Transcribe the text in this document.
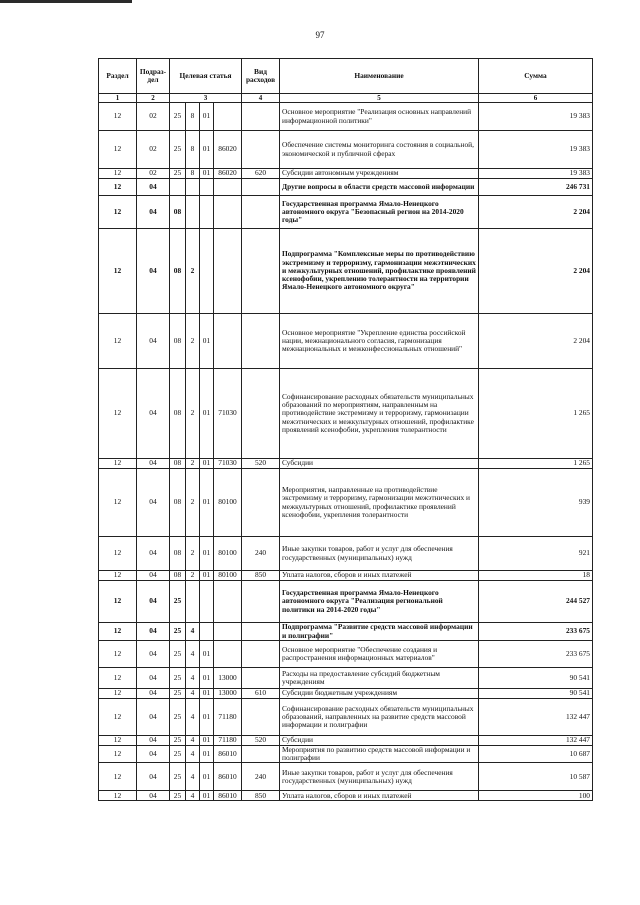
97
Раздел	Подраз-дел	Целевая статья				Вид расходов	Наименование	Сумма
1	2	3				4	5	6
12	02	25	8	01			Основное мероприятие "Реализация основных направлений информационной политики"	19 383
12	02	25	8	01	86020		Обеспечение системы мониторинга состояния в социальной, экономической и публичной сферах	19 383
12	02	25	8	01	86020	620	Субсидии автономным учреждениям	19 383
12	04						Другие вопросы в области средств массовой информации	246 731
12	04	08					Государственная программа Ямало-Ненецкого автономного округа "Безопасный регион на 2014-2020 годы"	2 204
12	04	08	2				Подпрограмма "Комплексные меры по противодействию экстремизму и терроризму, гармонизации межэтнических и межкультурных отношений, профилактике проявлений ксенофобии, укреплению толерантности на территории Ямало-Ненецкого автономного округа"	2 204
12	04	08	2	01			Основное мероприятие "Укрепление единства российской нации, межнационального согласия, гармонизация межнациональных и межконфессиональных отношений"	2 204
12	04	08	2	01	71030		Софинансирование расходных обязательств муниципальных образований по мероприятиям, направленным на противодействие экстремизму и терроризму, гармонизации межэтнических и межкультурных отношений, профилактике проявлений ксенофобии, укрепления толерантности	1 265
12	04	08	2	01	71030	520	Субсидии	1 265
12	04	08	2	01	80100		Мероприятия, направленные на противодействие экстремизму и терроризму, гармонизации межэтнических и межкультурных отношений, профилактике проявлений ксенофобии, укрепления толерантности	939
12	04	08	2	01	80100	240	Иные закупки товаров, работ и услуг для обеспечения государственных (муниципальных) нужд	921
12	04	08	2	01	80100	850	Уплата налогов, сборов и иных платежей	18
12	04	25					Государственная программа Ямало-Ненецкого автономного округа "Реализация региональной политики на 2014-2020 годы"	244 527
12	04	25	4				Подпрограмма "Развитие средств массовой информации и полиграфии"	233 675
12	04	25	4	01			Основное мероприятие "Обеспечение создания и распространения информационных материалов"	233 675
12	04	25	4	01	13000		Расходы на предоставление субсидий бюджетным учреждениям	90 541
12	04	25	4	01	13000	610	Субсидии бюджетным учреждениям	90 541
12	04	25	4	01	71180		Софинансирование расходных обязательств муниципальных образований, направленных на развитие средств массовой информации и полиграфии	132 447
12	04	25	4	01	71180	520	Субсидии	132 447
12	04	25	4	01	86010		Мероприятия по развитию средств массовой информации и полиграфии	10 687
12	04	25	4	01	86010	240	Иные закупки товаров, работ и услуг для обеспечения государственных (муниципальных) нужд	10 587
12	04	25	4	01	86010	850	Уплата налогов, сборов и иных платежей	100
